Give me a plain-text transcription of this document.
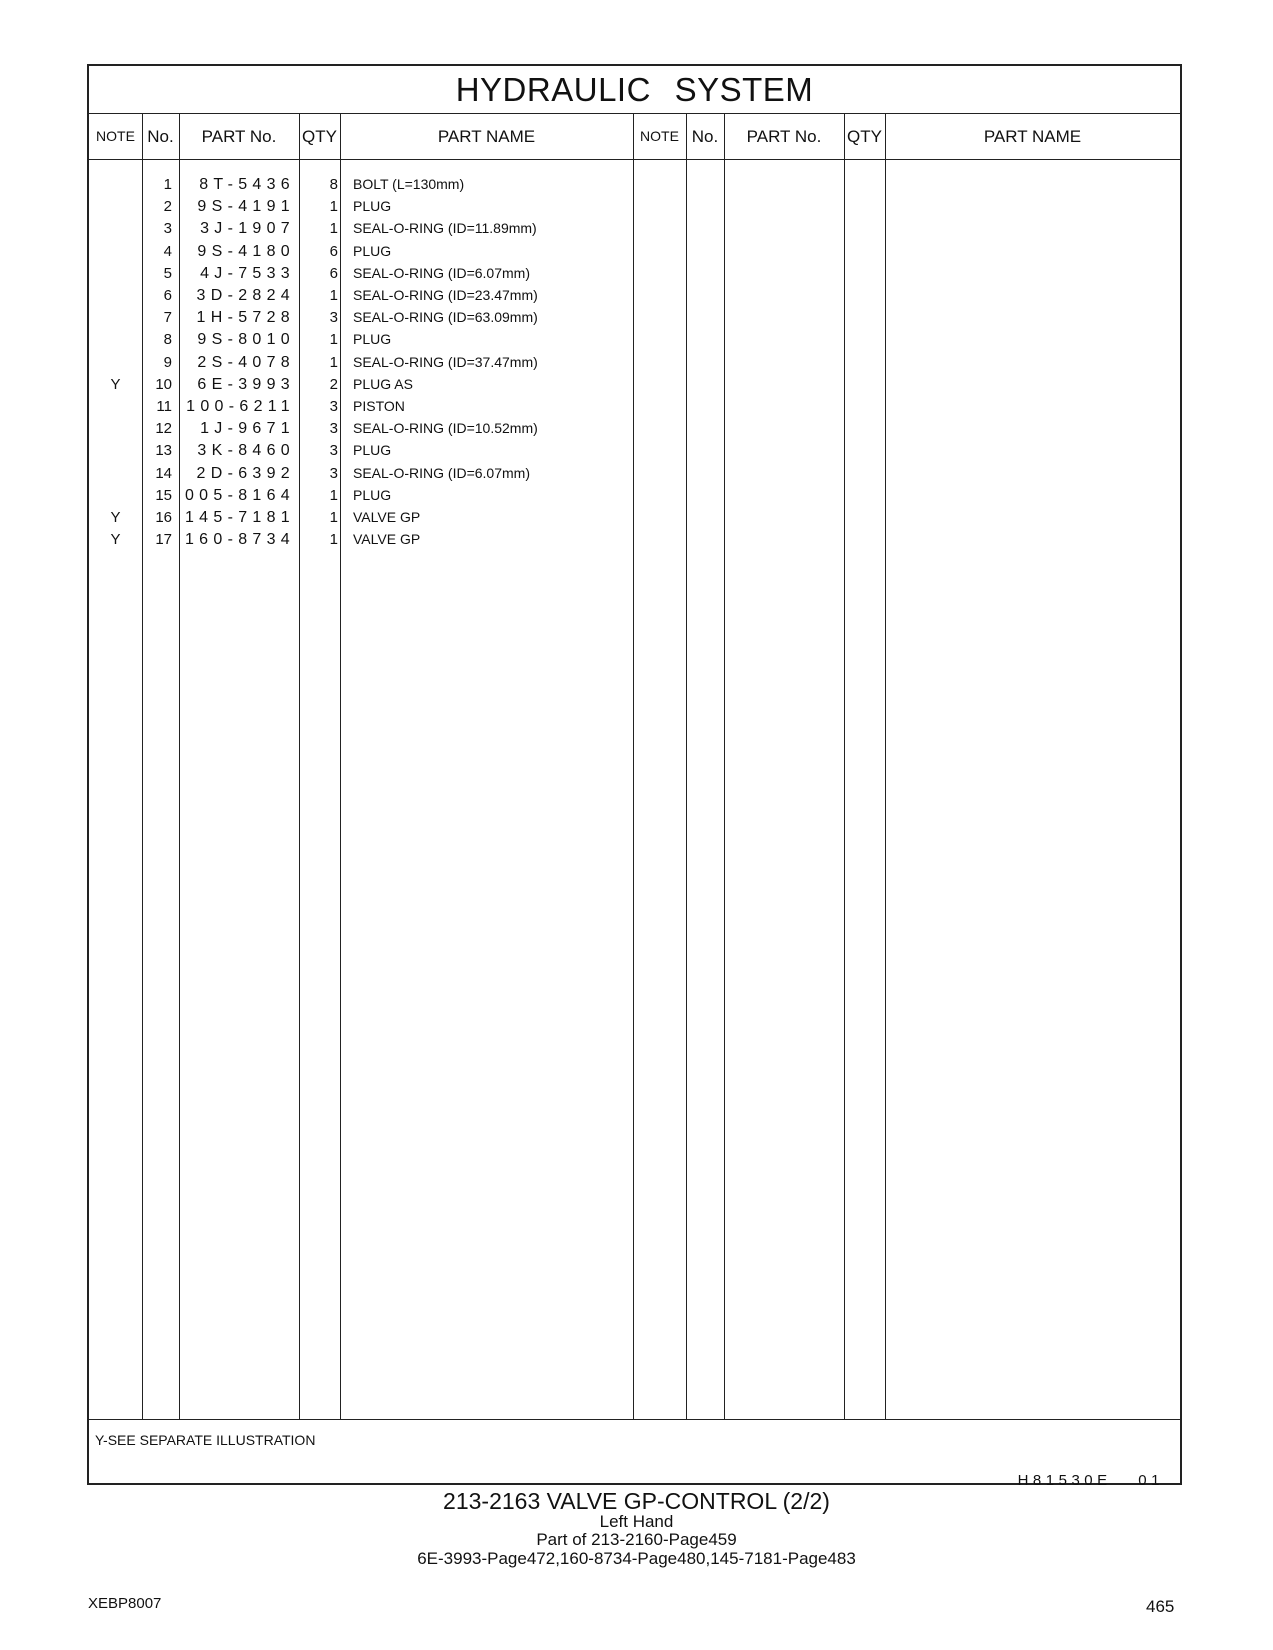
HYDRAULIC SYSTEM
NOTE No.	PART No.	QTY	PART NAME	NOTE No.	PART No.	QTY	PART NAME
1	8T-5436	8 BOLT (L=130mm)
2	9S-4191	1 PLUG
3	3J-1907	1 SEAL-O-RING (ID=11.89mm)
4	9S-4180	6 PLUG
5	4J-7533	6 SEAL-O-RING (ID=6.07mm)
6	3D-2824	1 SEAL-O-RING (ID=23.47mm)
7	1H-5728	3 SEAL-O-RING (ID=63.09mm)
8	9S-8010	1 PLUG
9	2S-4078	1 SEAL-O-RING (ID=37.47mm)
Y	10	6E-3993	2 PLUG AS
11 100-6211	3 PISTON
12	1J-9671	3 SEAL-O-RING (ID=10.52mm)
13	3K-8460	3 PLUG
14	2D-6392	3 SEAL-O-RING (ID=6.07mm)
15 005-8164	1 PLUG
Y	16 145-7181	1 VALVE GP
Y	17 160-8734	1 VALVE GP
Y-SEE SEPARATE ILLUSTRATION
H81530E 01
213-2163 VALVE GP-CONTROL (2/2)
Left Hand
Part of 213-2160-Page459
6E-3993-Page472,160-8734-Page480,145-7181-Page483
XEBP8007	465
